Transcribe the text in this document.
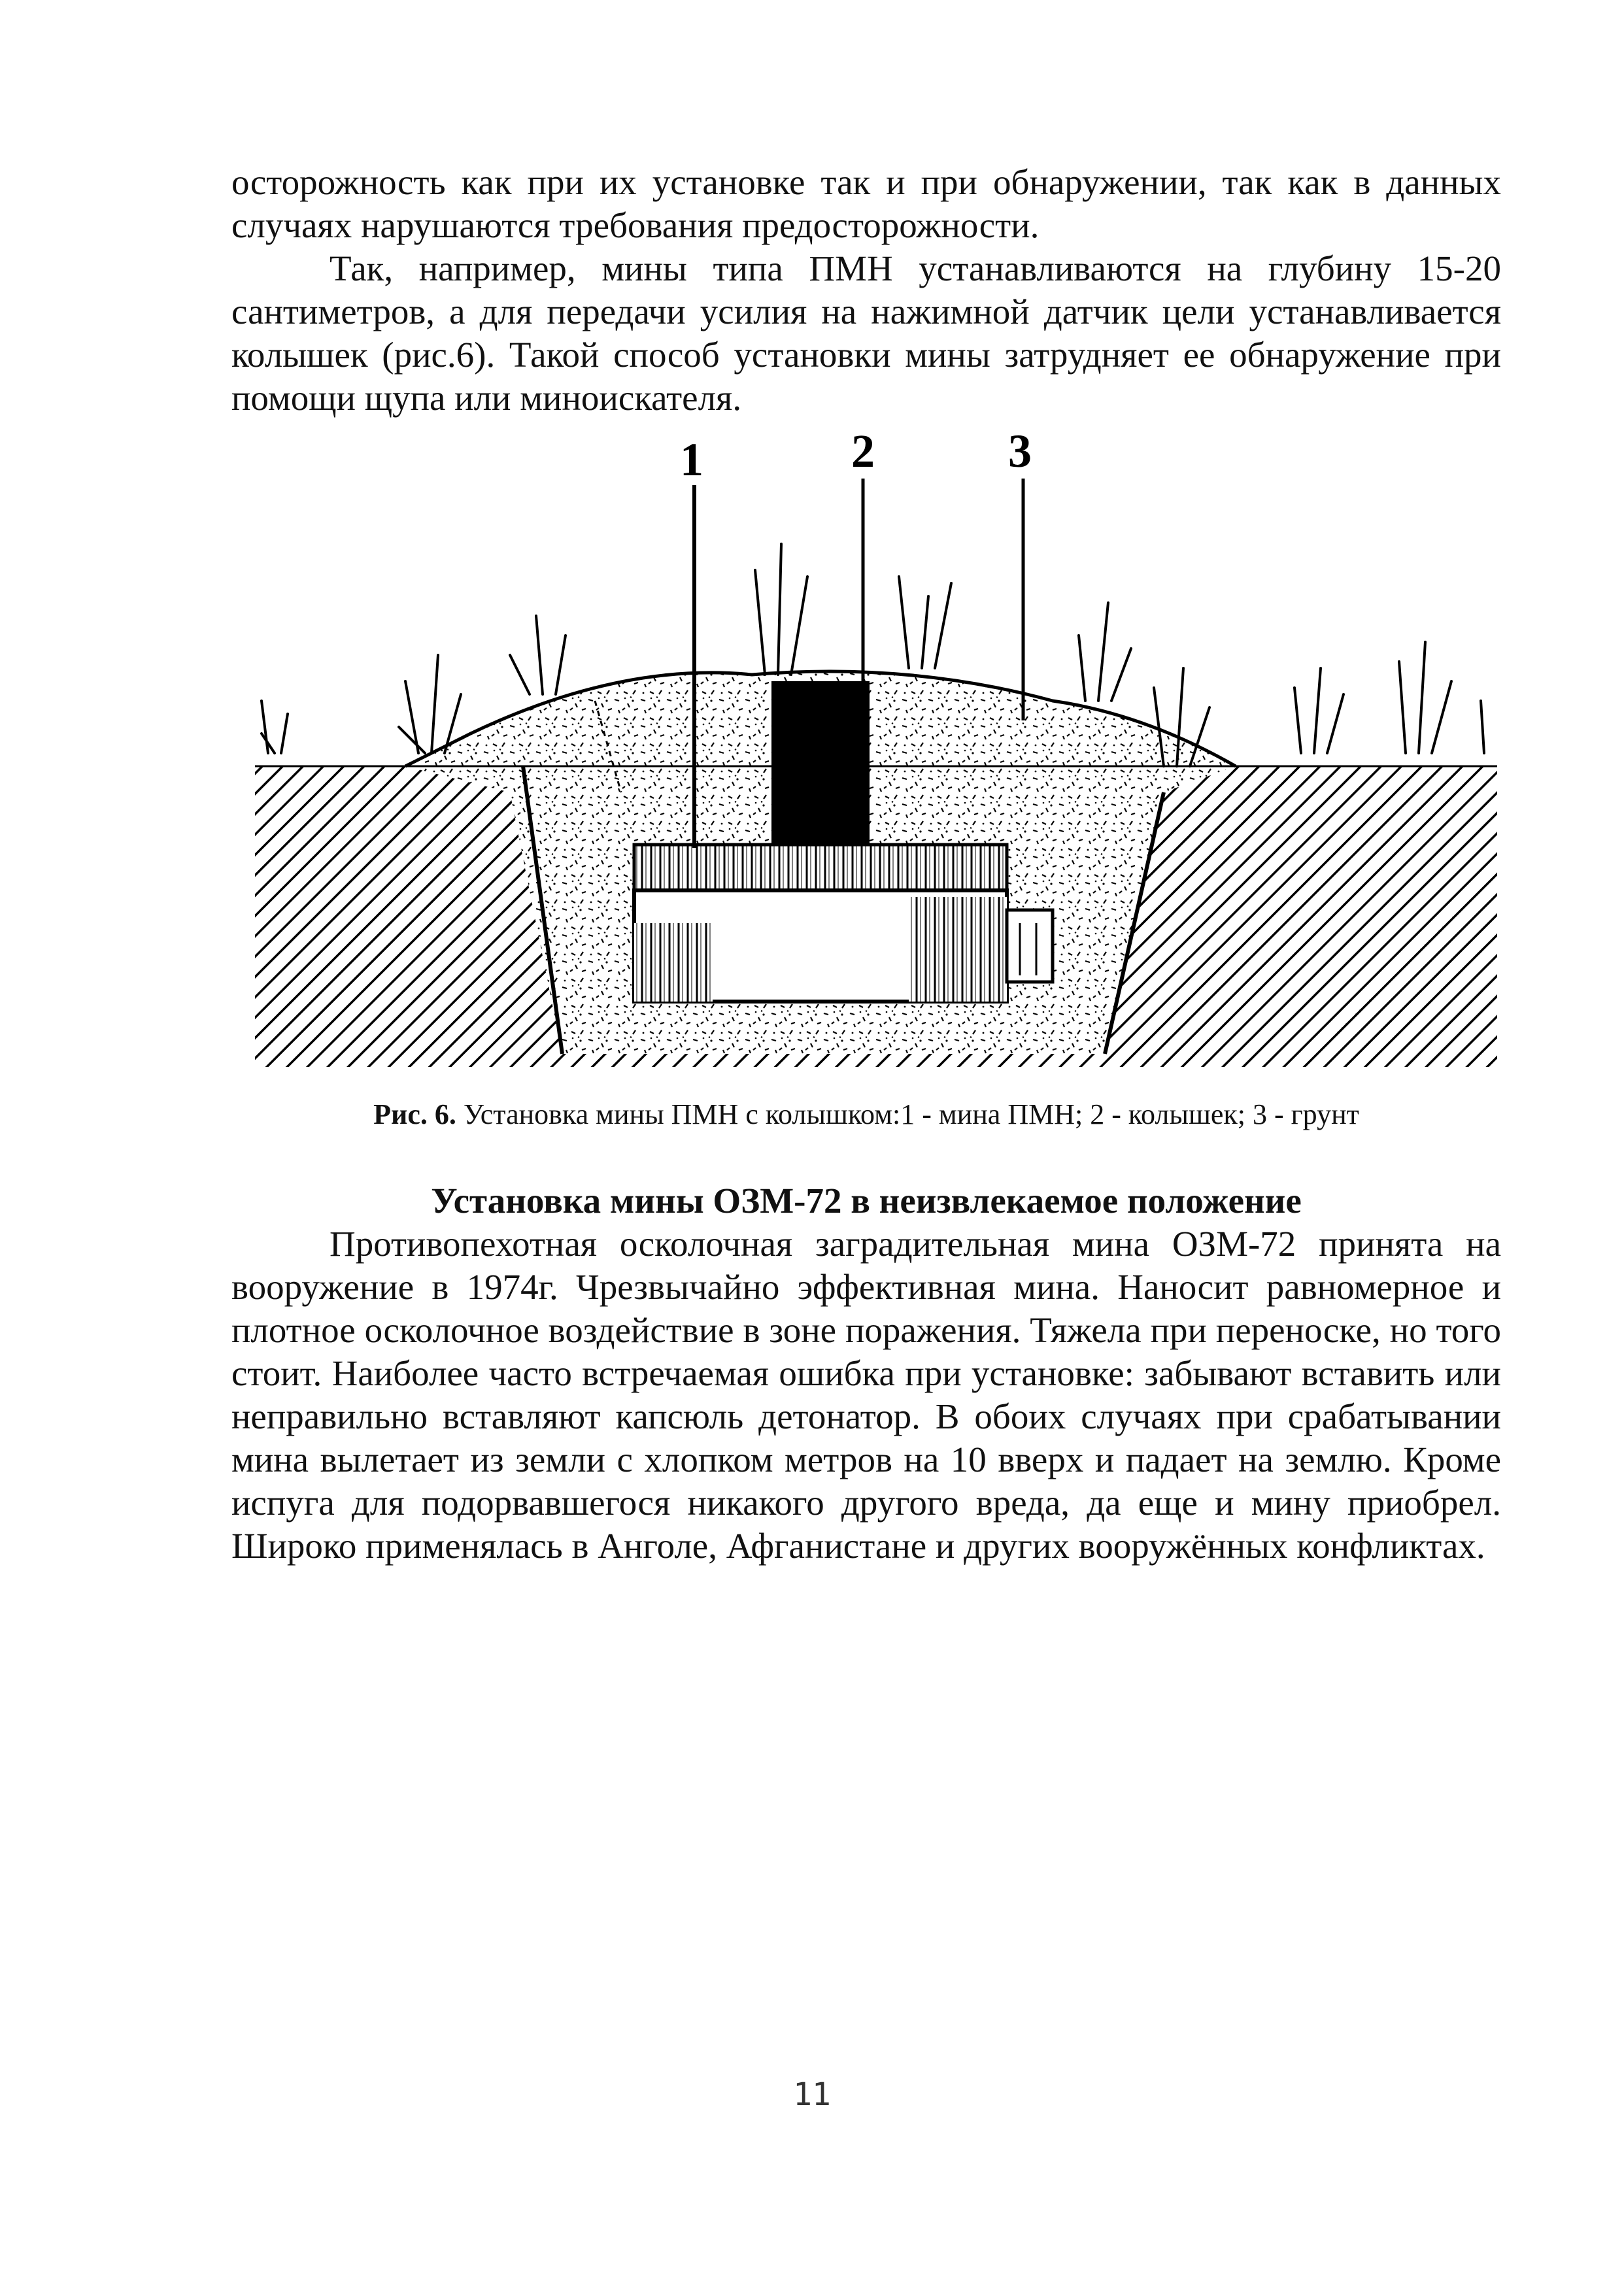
осторожность как при их установке так и при обнаружении, так как в данных случаях нарушаются требования предосторожности.

Так, например, мины типа ПМН устанавливаются на глубину 15-20 сантиметров, а для передачи усилия на нажимной датчик цели устанавливается колышек (рис.6). Такой способ установки мины затрудняет ее обнаружение при помощи щупа или миноискателя.

1	2	3
Рис. 6. Установка мины ПМН с колышком:1 - мина ПМН; 2 - колышек; 3 - грунт
Установка мины ОЗМ-72 в неизвлекаемое положение

Противопехотная осколочная заградительная мина ОЗМ-72 принята на вооружение в 1974г. Чрезвычайно эффективная мина. Наносит равномерное и плотное осколочное воздействие в зоне поражения. Тяжела при переноске, но того стоит. Наиболее часто встречаемая ошибка при установке: забывают вставить или неправильно вставляют капсюль детонатор. В обоих случаях при срабатывании мина вылетает из земли с хлопком метров на 10 вверх и падает на землю. Кроме испуга для подорвавшегося никакого другого вреда, да еще и мину приобрел. Широко применялась в Анголе, Афганистане и других вооружённых конфликтах.

11
